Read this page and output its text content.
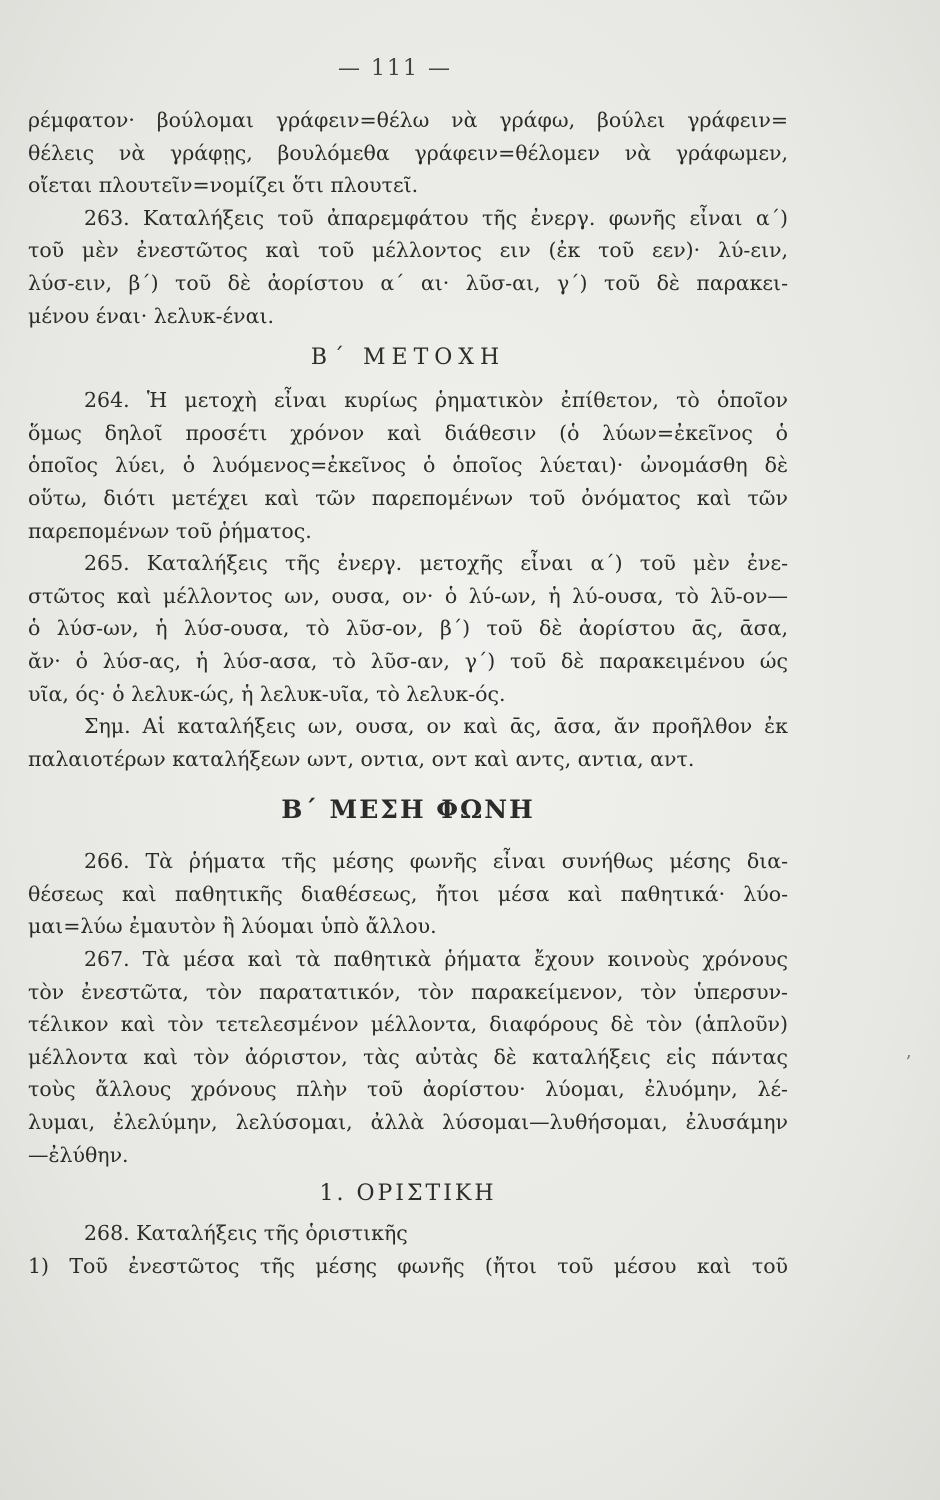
— 111 —
ρέμφατον· βούλομαι γράφειν=θέλω νὰ γράφω, βούλει γράφειν=
θέλεις νὰ γράφῃς, βουλόμεθα γράφειν=θέλομεν νὰ γράφωμεν,
οἴεται πλουτεῖν=νομίζει ὅτι πλουτεῖ.
263. Καταλήξεις τοῦ ἀπαρεμφάτου τῆς ἐνεργ. φωνῆς εἶναι α΄)
τοῦ μὲν ἐνεστῶτος καὶ τοῦ μέλλοντος ειν (ἐκ τοῦ εεν)· λύ-ειν,
λύσ-ειν, β΄) τοῦ δὲ ἀορίστου α΄ αι· λῦσ-αι, γ΄) τοῦ δὲ παρακει-
μένου έναι· λελυκ-έναι.
Β΄ ΜΕΤΟΧΗ
264. Ἡ μετοχὴ εἶναι κυρίως ῥηματικὸν ἐπίθετον, τὸ ὁποῖον
ὅμως δηλοῖ προσέτι χρόνον καὶ διάθεσιν (ὁ λύων=ἐκεῖνος ὁ
ὁποῖος λύει, ὁ λυόμενος=ἐκεῖνος ὁ ὁποῖος λύεται)· ὠνομάσθη δὲ
οὕτω, διότι μετέχει καὶ τῶν παρεπομένων τοῦ ὀνόματος καὶ τῶν
παρεπομένων τοῦ ῥήματος.
265. Καταλήξεις τῆς ἐνεργ. μετοχῆς εἶναι α΄) τοῦ μὲν ἐνε-
στῶτος καὶ μέλλοντος ων, ουσα, ον· ὁ λύ-ων, ἡ λύ-ουσα, τὸ λῦ-ον—
ὁ λύσ-ων, ἡ λύσ-ουσα, τὸ λῦσ-ον, β΄) τοῦ δὲ ἀορίστου ᾱς, ᾱσα,
ᾰν· ὁ λύσ-ας, ἡ λύσ-ασα, τὸ λῦσ-αν, γ΄) τοῦ δὲ παρακειμένου ώς
υῖα, ός· ὁ λελυκ-ώς, ἡ λελυκ-υῖα, τὸ λελυκ-ός.
Σημ. Αἱ καταλήξεις ων, ουσα, ον καὶ ᾱς, ᾱσα, ᾰν προῆλθον ἐκ
παλαιοτέρων καταλήξεων ωντ, οντια, οντ καὶ αντς, αντια, αντ.
Β΄ ΜΕΣΗ ΦΩΝΗ
266. Τὰ ῥήματα τῆς μέσης φωνῆς εἶναι συνήθως μέσης δια-
θέσεως καὶ παθητικῆς διαθέσεως, ἤτοι μέσα καὶ παθητικά· λύο-
μαι=λύω ἐμαυτὸν ἢ λύομαι ὑπὸ ἄλλου.
267. Τὰ μέσα καὶ τὰ παθητικὰ ῥήματα ἔχουν κοινοὺς χρόνους
τὸν ἐνεστῶτα, τὸν παρατατικόν, τὸν παρακείμενον, τὸν ὑπερσυν-
τέλικον καὶ τὸν τετελεσμένον μέλλοντα, διαφόρους δὲ τὸν (ἁπλοῦν)
μέλλοντα καὶ τὸν ἀόριστον, τὰς αὐτὰς δὲ καταλήξεις εἰς πάντας
τοὺς ἄλλους χρόνους πλὴν τοῦ ἀορίστου· λύομαι, ἐλυόμην, λέ-
λυμαι, ἐλελύμην, λελύσομαι, ἀλλὰ λύσομαι—λυθήσομαι, ἐλυσάμην
—ἐλύθην.
1. ΟΡΙΣΤΙΚΗ
268. Καταλήξεις τῆς ὁριστικῆς
1) Τοῦ ἐνεστῶτος τῆς μέσης φωνῆς (ἤτοι τοῦ μέσου καὶ τοῦ
ʼ
